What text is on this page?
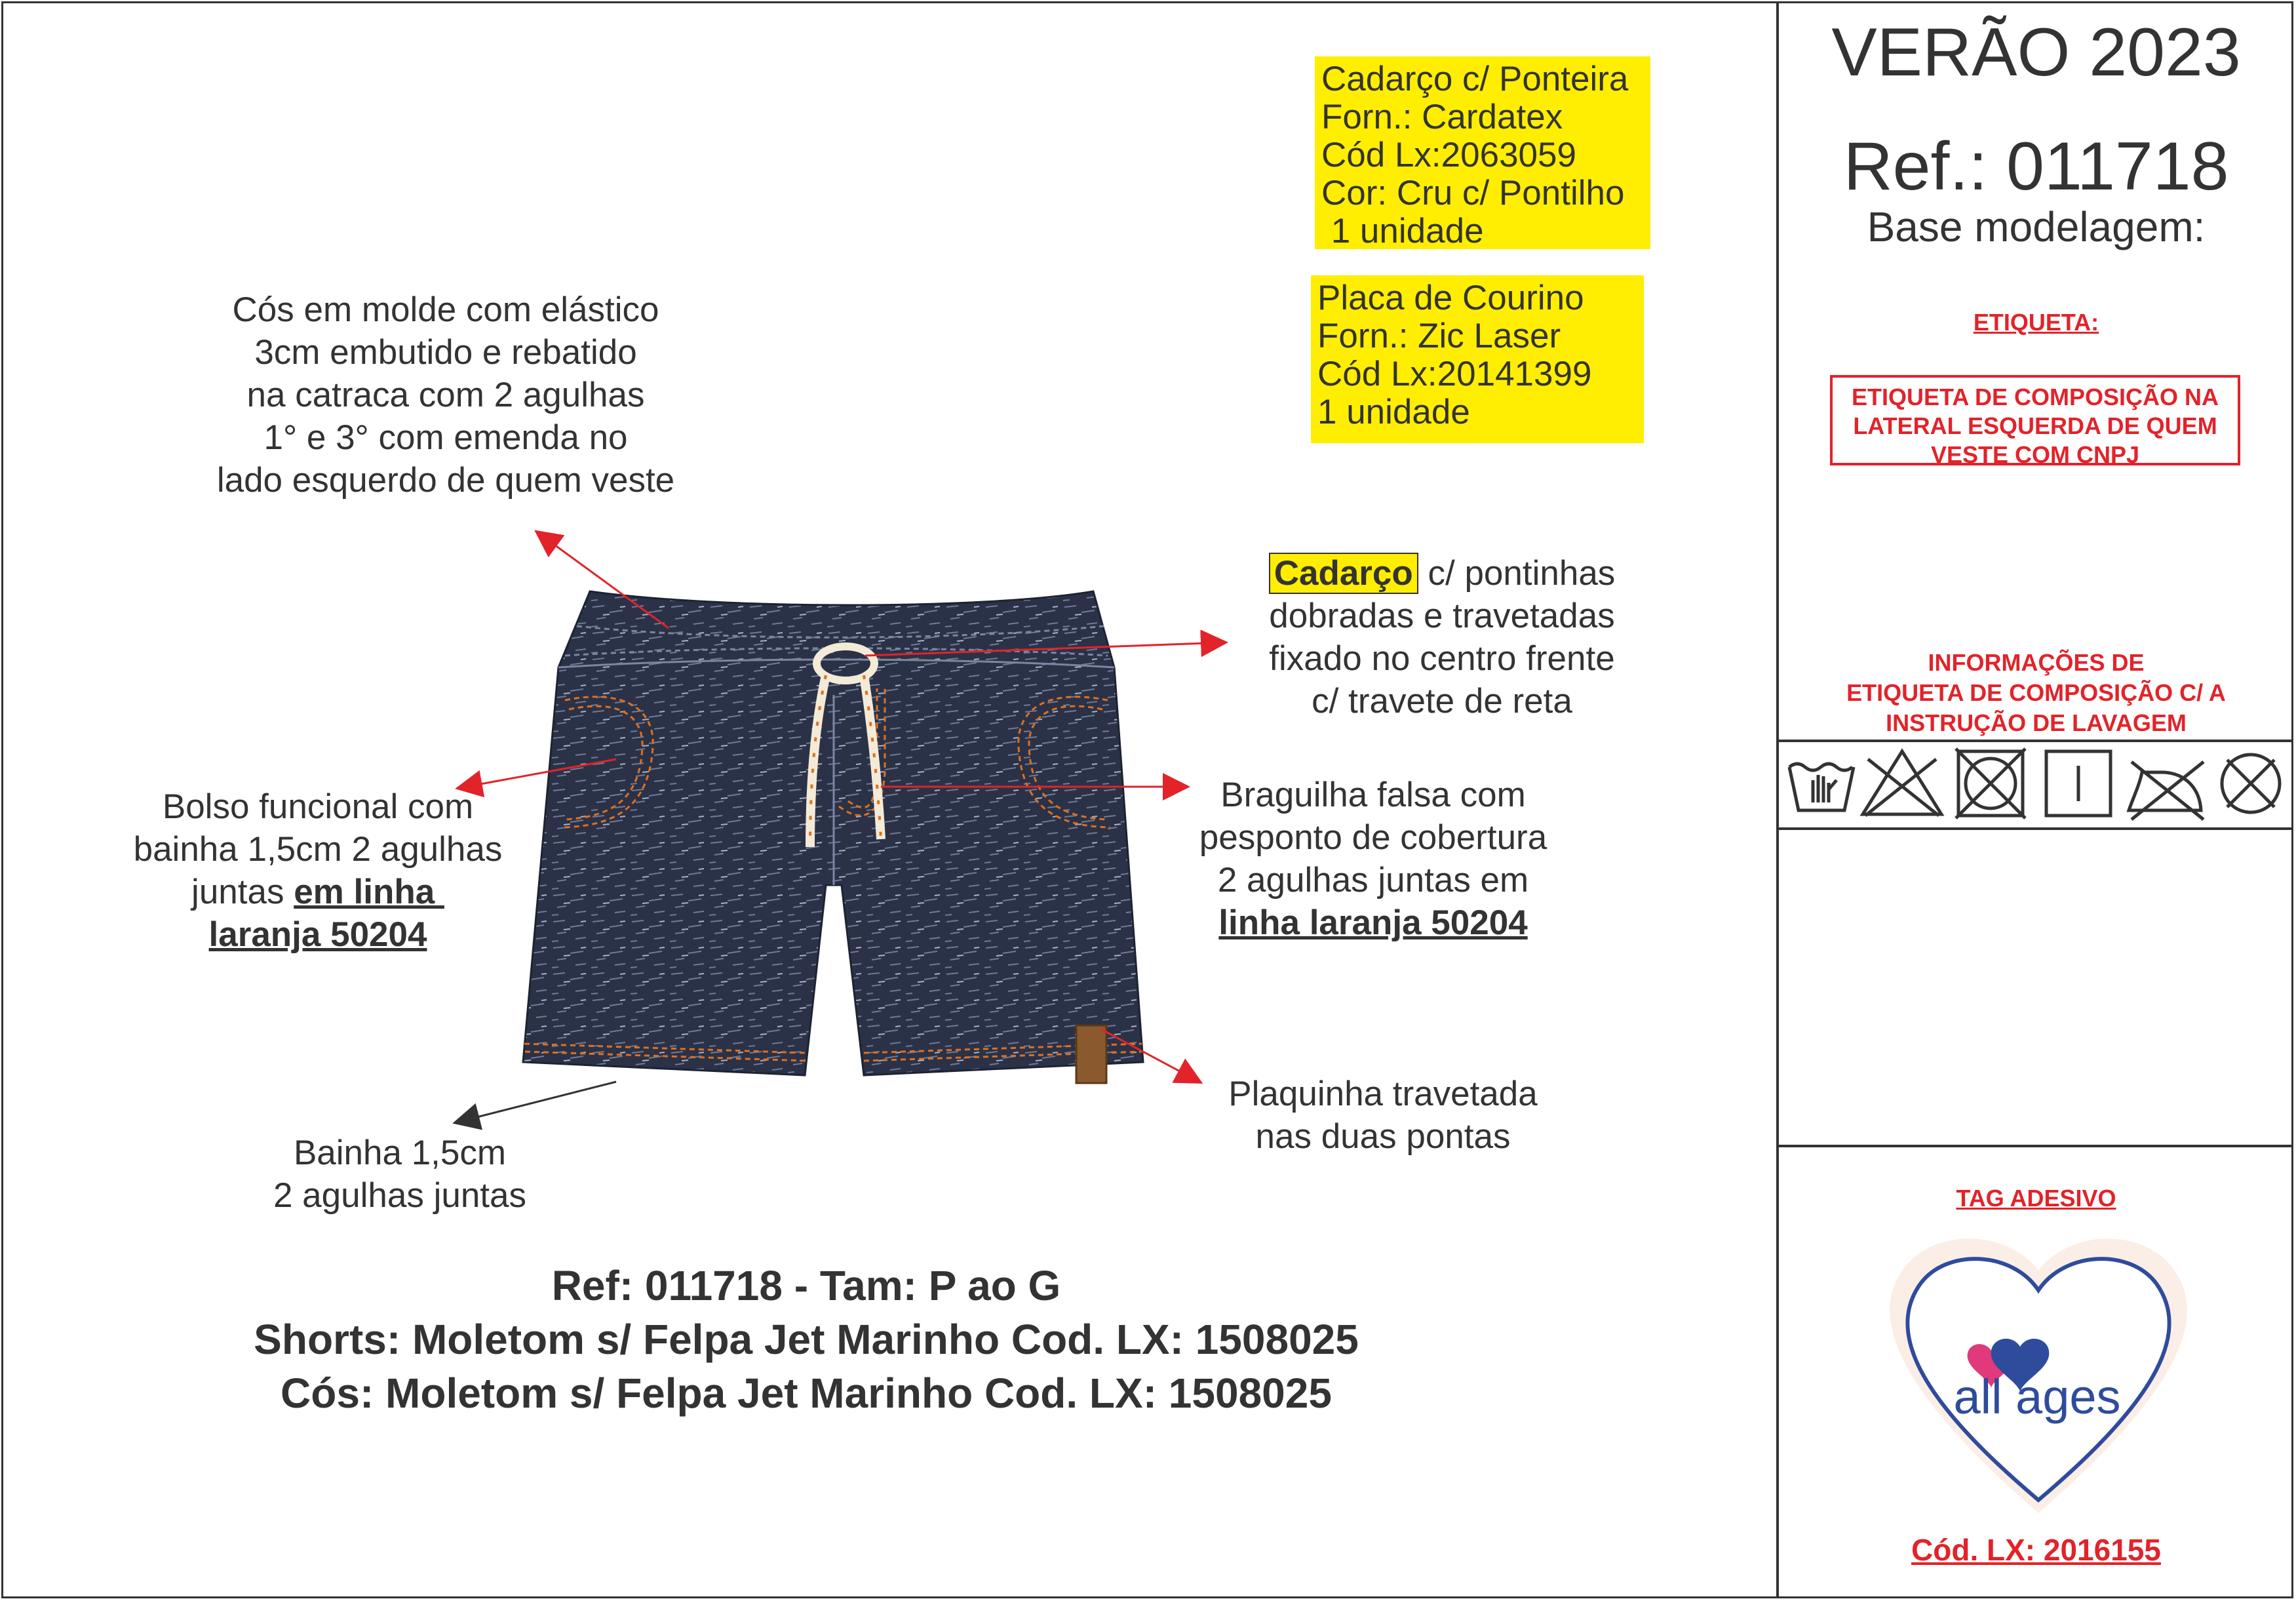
VERÃO 2023
Ref.: 011718
Base modelagem:
ETIQUETA:
ETIQUETA DE COMPOSIÇÃO NA
LATERAL ESQUERDA DE QUEM
VESTE COM CNPJ
INFORMAÇÕES DE
ETIQUETA DE COMPOSIÇÃO C/ A
INSTRUÇÃO DE LAVAGEM
TAG ADESIVO
all ages
Cód. LX: 2016155
Cadarço c/ Ponteira
Forn.: Cardatex
Cód Lx:2063059
Cor: Cru c/ Pontilho
1 unidade
Placa de Courino
Forn.: Zic Laser
Cód Lx:20141399
1 unidade
Cós em molde com elástico
3cm embutido e rebatido
na catraca com 2 agulhas
1° e 3° com emenda no
lado esquerdo de quem veste
Cadarço c/ pontinhas
dobradas e travetadas
fixado no centro frente
c/ travete de reta
Bolso funcional com
bainha 1,5cm 2 agulhas
juntas em linha
laranja 50204
Braguilha falsa com
pesponto de cobertura
2 agulhas juntas em
linha laranja 50204
Plaquinha travetada
nas duas pontas
Bainha 1,5cm
2 agulhas juntas
Ref: 011718 - Tam: P ao G
Shorts: Moletom s/ Felpa Jet Marinho Cod. LX: 1508025
Cós: Moletom s/ Felpa Jet Marinho Cod. LX: 1508025
